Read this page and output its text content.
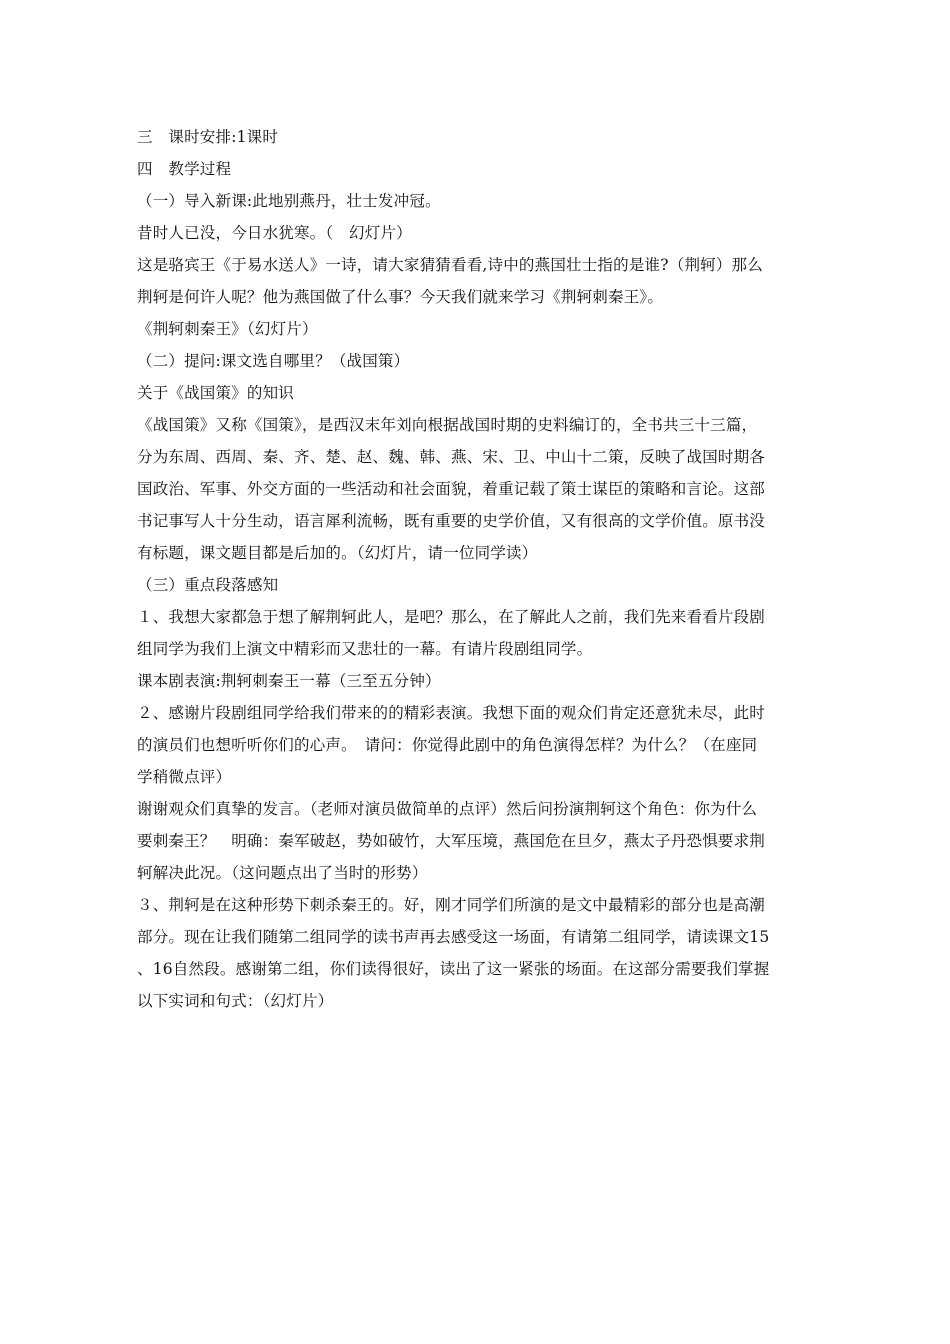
三　课时安排:1课时
四　教学过程
（一）导入新课:此地别燕丹，壮士发冲冠。
昔时人已没，今日水犹寒。（　幻灯片）
这是骆宾王《于易水送人》一诗，请大家猜猜看看,诗中的燕国壮士指的是谁?（荆轲）那么
荆轲是何许人呢？他为燕国做了什么事？今天我们就来学习《荆轲刺秦王》。
《荆轲刺秦王》（幻灯片）
（二）提问:课文选自哪里？（战国策）
关于《战国策》的知识
《战国策》又称《国策》，是西汉末年刘向根据战国时期的史料编订的，全书共三十三篇，
分为东周、西周、秦、齐、楚、赵、魏、韩、燕、宋、卫、中山十二策，反映了战国时期各
国政治、军事、外交方面的一些活动和社会面貌，着重记载了策士谋臣的策略和言论。这部
书记事写人十分生动，语言犀利流畅，既有重要的史学价值，又有很高的文学价值。原书没
有标题，课文题目都是后加的。（幻灯片，请一位同学读）
（三）重点段落感知
１、我想大家都急于想了解荆轲此人，是吧？那么，在了解此人之前，我们先来看看片段剧
组同学为我们上演文中精彩而又悲壮的一幕。有请片段剧组同学。
课本剧表演:荆轲刺秦王一幕（三至五分钟）
２、感谢片段剧组同学给我们带来的的精彩表演。我想下面的观众们肯定还意犹未尽，此时
的演员们也想听听你们的心声。　请问：你觉得此剧中的角色演得怎样？为什么？（在座同
学稍微点评）
谢谢观众们真挚的发言。（老师对演员做简单的点评）然后问扮演荆轲这个角色：你为什么
要刺秦王？　明确：秦军破赵，势如破竹，大军压境，燕国危在旦夕，燕太子丹恐惧要求荆
轲解决此况。（这问题点出了当时的形势）
３、荆轲是在这种形势下刺杀秦王的。好，刚才同学们所演的是文中最精彩的部分也是高潮
部分。现在让我们随第二组同学的读书声再去感受这一场面，有请第二组同学，请读课文15
、16自然段。感谢第二组，你们读得很好，读出了这一紧张的场面。在这部分需要我们掌握
以下实词和句式：（幻灯片）
